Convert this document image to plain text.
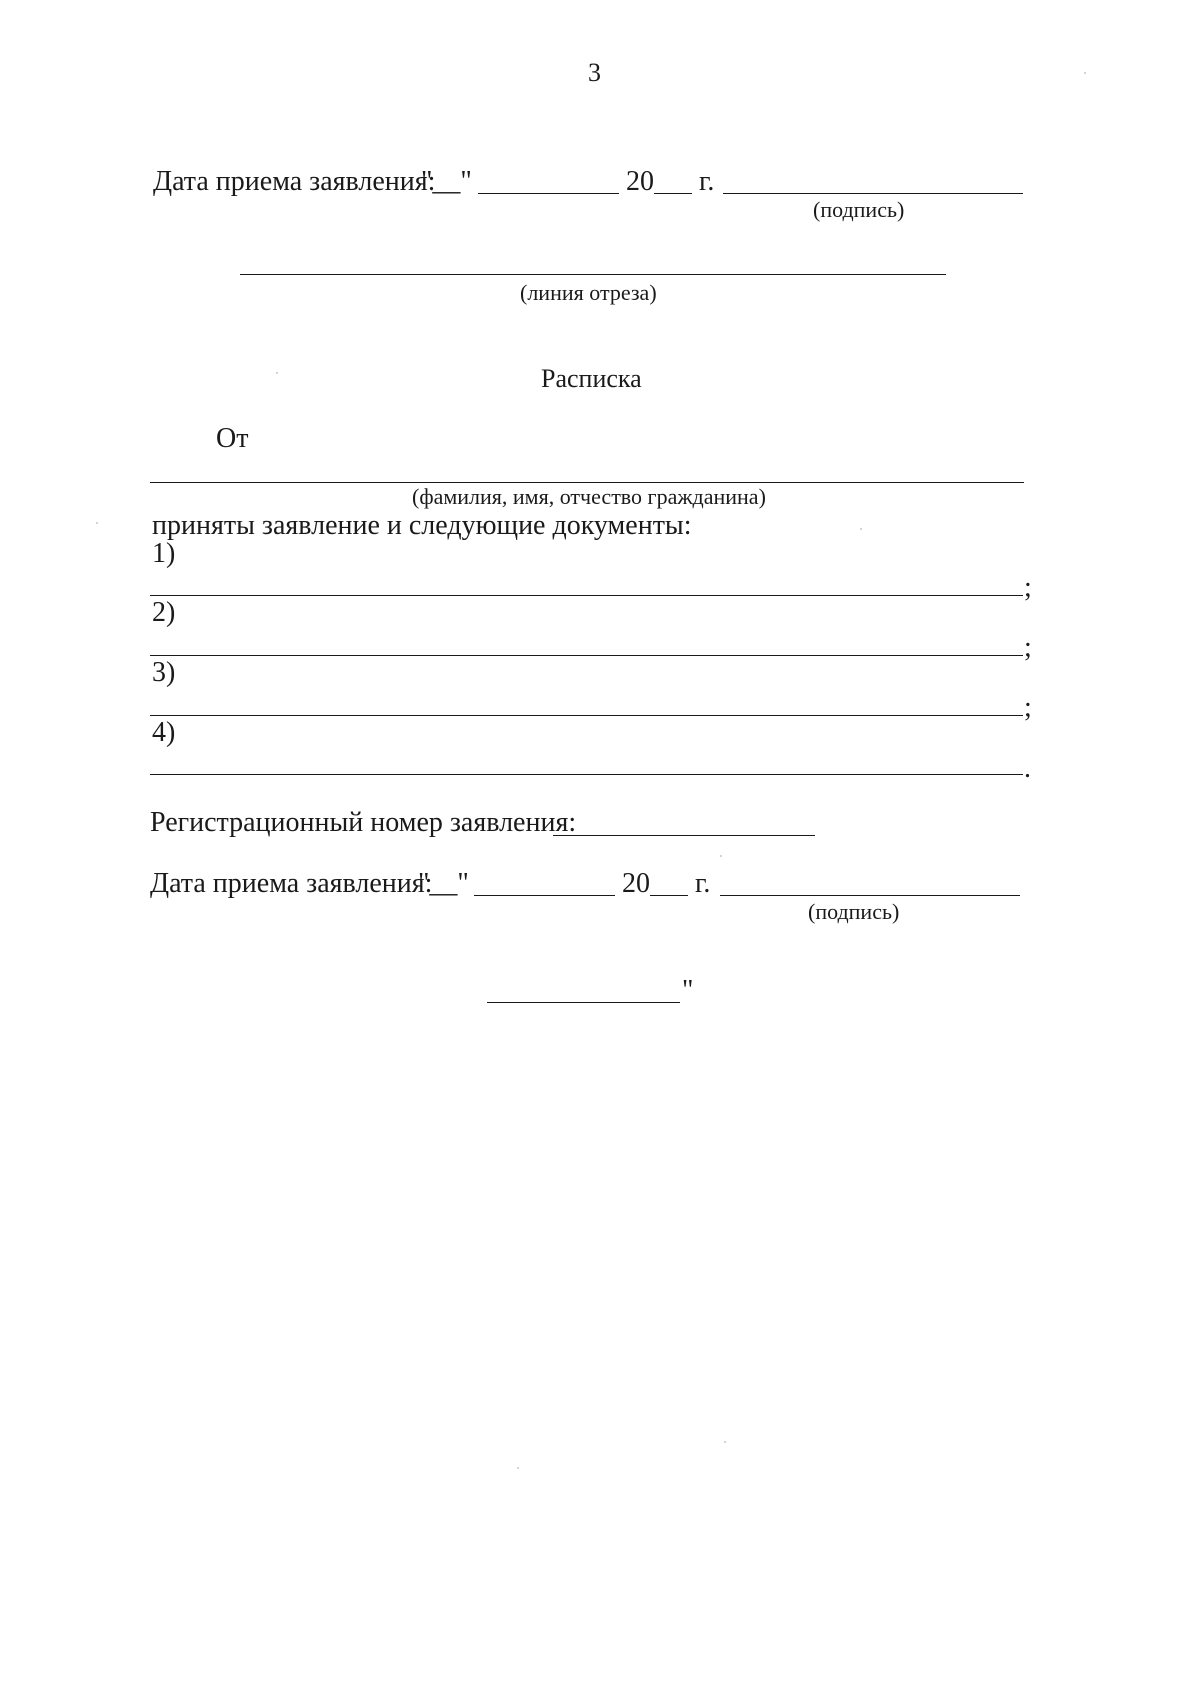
3
Дата приема заявления:
"__"	20 г.
(подпись)
(линия отреза)
Расписка
От
(фамилия, имя, отчество гражданина)
приняты заявление и следующие документы:
1)
;
2)
;
3)
;
4)
.
Регистрационный номер заявления:
Дата приема заявления:
"__"	20 г.
(подпись)
"
